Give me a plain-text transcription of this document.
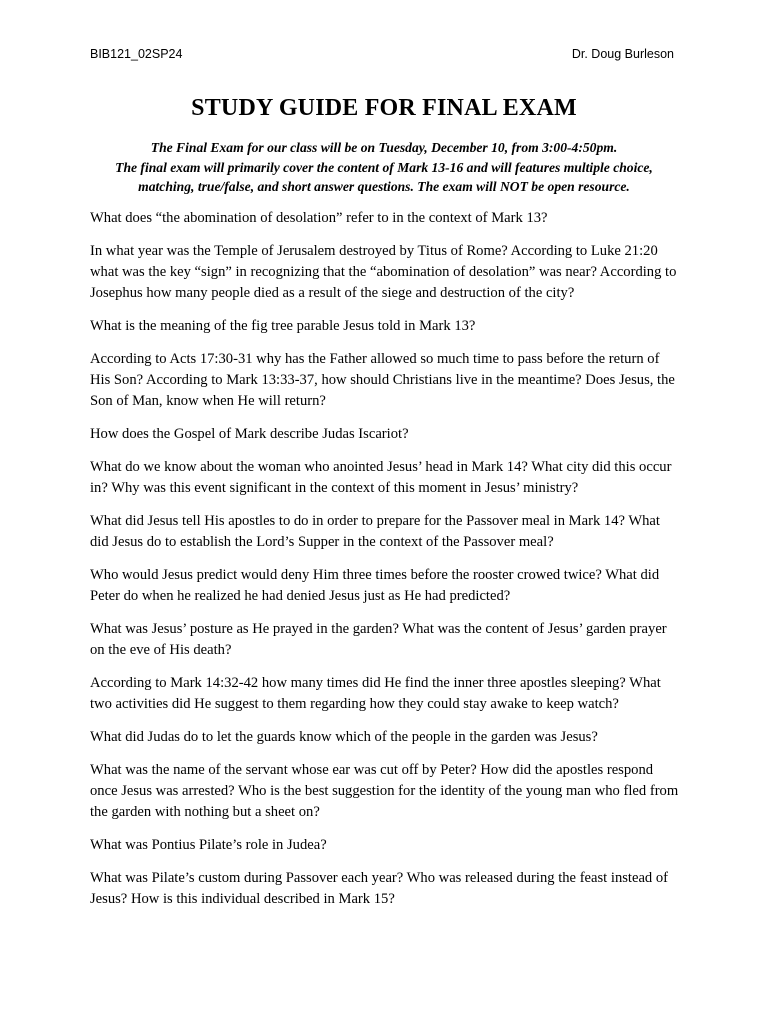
BIB121_02SP24	Dr. Doug Burleson
STUDY GUIDE FOR FINAL EXAM

The Final Exam for our class will be on Tuesday, December 10, from 3:00-4:50pm.

The final exam will primarily cover the content of Mark 13-16 and will features multiple choice, matching, true/false, and short answer questions. The exam will NOT be open resource.

What does “the abomination of desolation” refer to in the context of Mark 13?

In what year was the Temple of Jerusalem destroyed by Titus of Rome? According to Luke 21:20 what was the key “sign” in recognizing that the “abomination of desolation” was near? According to Josephus how many people died as a result of the siege and destruction of the city?

What is the meaning of the fig tree parable Jesus told in Mark 13?

According to Acts 17:30-31 why has the Father allowed so much time to pass before the return of His Son? According to Mark 13:33-37, how should Christians live in the meantime? Does Jesus, the Son of Man, know when He will return?

How does the Gospel of Mark describe Judas Iscariot?

What do we know about the woman who anointed Jesus’ head in Mark 14? What city did this occur in? Why was this event significant in the context of this moment in Jesus’ ministry?

What did Jesus tell His apostles to do in order to prepare for the Passover meal in Mark 14? What did Jesus do to establish the Lord’s Supper in the context of the Passover meal?

Who would Jesus predict would deny Him three times before the rooster crowed twice? What did Peter do when he realized he had denied Jesus just as He had predicted?

What was Jesus’ posture as He prayed in the garden? What was the content of Jesus’ garden prayer on the eve of His death?

According to Mark 14:32-42 how many times did He find the inner three apostles sleeping? What two activities did He suggest to them regarding how they could stay awake to keep watch?

What did Judas do to let the guards know which of the people in the garden was Jesus?

What was the name of the servant whose ear was cut off by Peter? How did the apostles respond once Jesus was arrested? Who is the best suggestion for the identity of the young man who fled from the garden with nothing but a sheet on?

What was Pontius Pilate’s role in Judea?

What was Pilate’s custom during Passover each year? Who was released during the feast instead of Jesus? How is this individual described in Mark 15?
